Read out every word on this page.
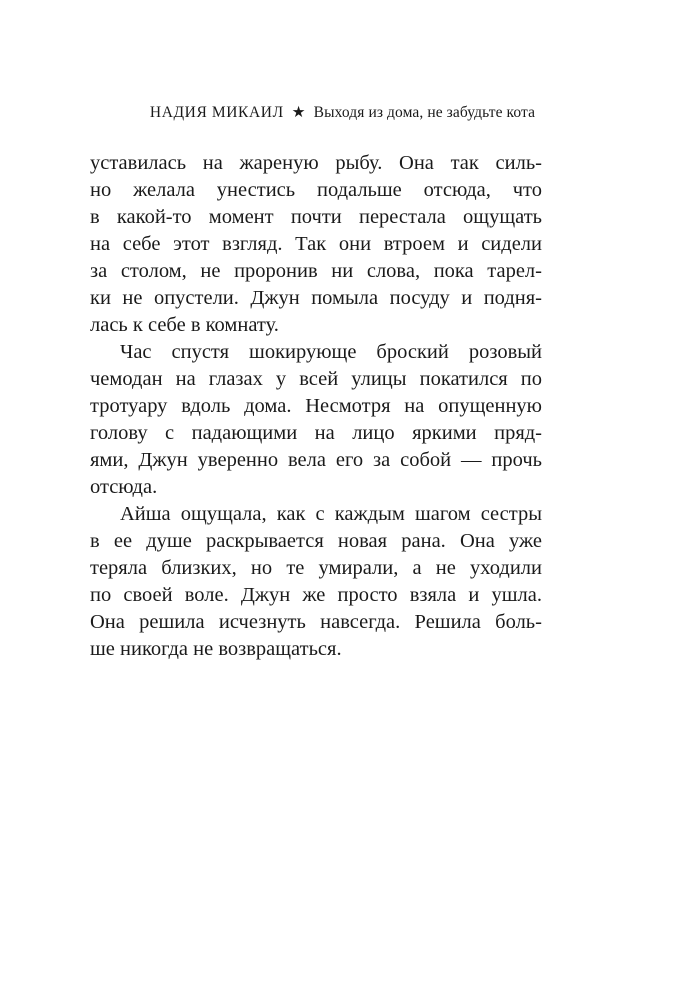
НАДИЯ МИКАИЛ ★ Выходя из дома, не забудьте кота
уставилась на жареную рыбу. Она так силь-
но желала унестись подальше отсюда, что
в какой-то момент почти перестала ощущать
на себе этот взгляд. Так они втроем и сидели
за столом, не проронив ни слова, пока тарел-
ки не опустели. Джун помыла посуду и подня-
лась к себе в комнату.
Час спустя шокирующе броский розовый
чемодан на глазах у всей улицы покатился по
тротуару вдоль дома. Несмотря на опущенную
голову с падающими на лицо яркими пряд-
ями, Джун уверенно вела его за собой — прочь
отсюда.
Айша ощущала, как с каждым шагом сестры
в ее душе раскрывается новая рана. Она уже
теряла близких, но те умирали, а не уходили
по своей воле. Джун же просто взяла и ушла.
Она решила исчезнуть навсегда. Решила боль-
ше никогда не возвращаться.
